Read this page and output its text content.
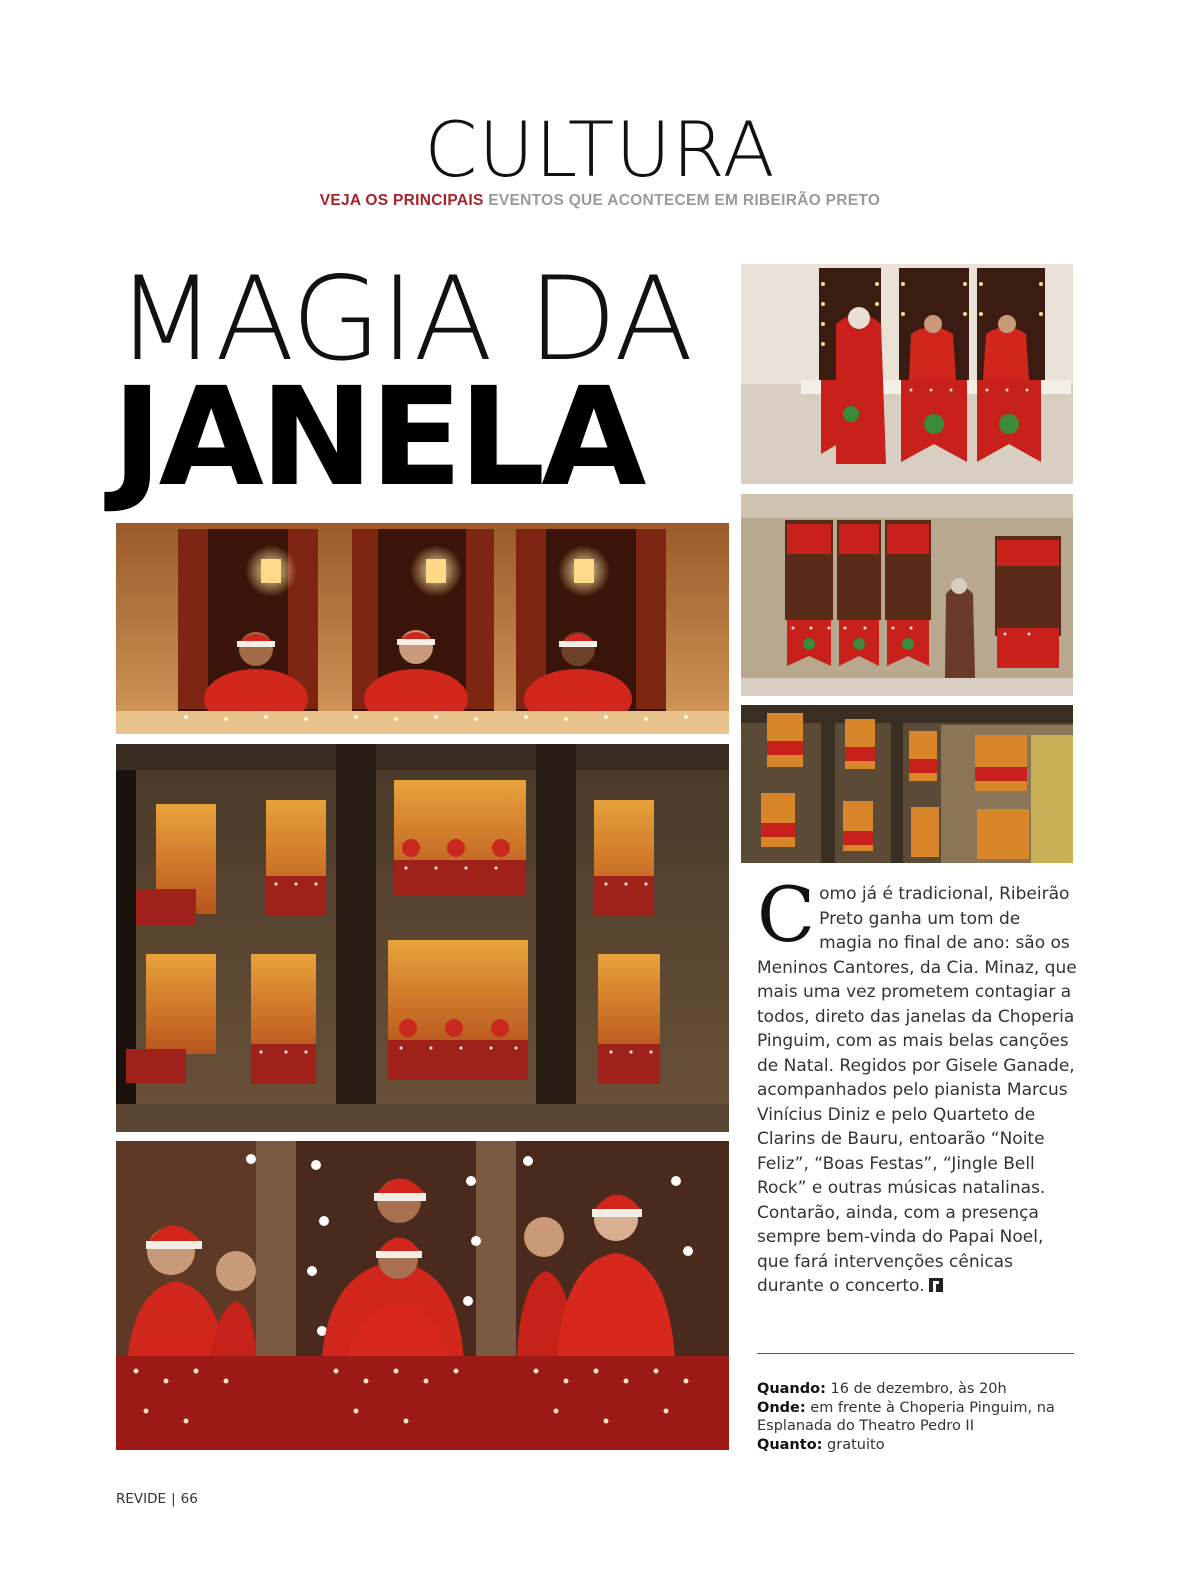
CULTURA
VEJA OS PRINCIPAIS EVENTOS QUE ACONTECEM EM RIBEIRÃO PRETO
MAGIA DA
JANELA
Como já é tradicional, Ribeirão Preto ganha um tom de magia no final de ano: são os Meninos Cantores, da Cia. Minaz, que mais uma vez prometem contagiar a todos, direto das janelas da Choperia Pinguim, com as mais belas canções de Natal. Regidos por Gisele Ganade, acompanhados pelo pianista Marcus Vinícius Diniz e pelo Quarteto de Clarins de Bauru, entoarão “Noite Feliz”, “Boas Festas”, “Jingle Bell Rock” e outras músicas natalinas. Contarão, ainda, com a presença sempre bem-vinda do Papai Noel, que fará intervenções cênicas durante o concerto.
Quando: 16 de dezembro, às 20h
Onde: em frente à Choperia Pinguim, na Esplanada do Theatro Pedro II
Quanto: gratuito
REVIDE | 66
